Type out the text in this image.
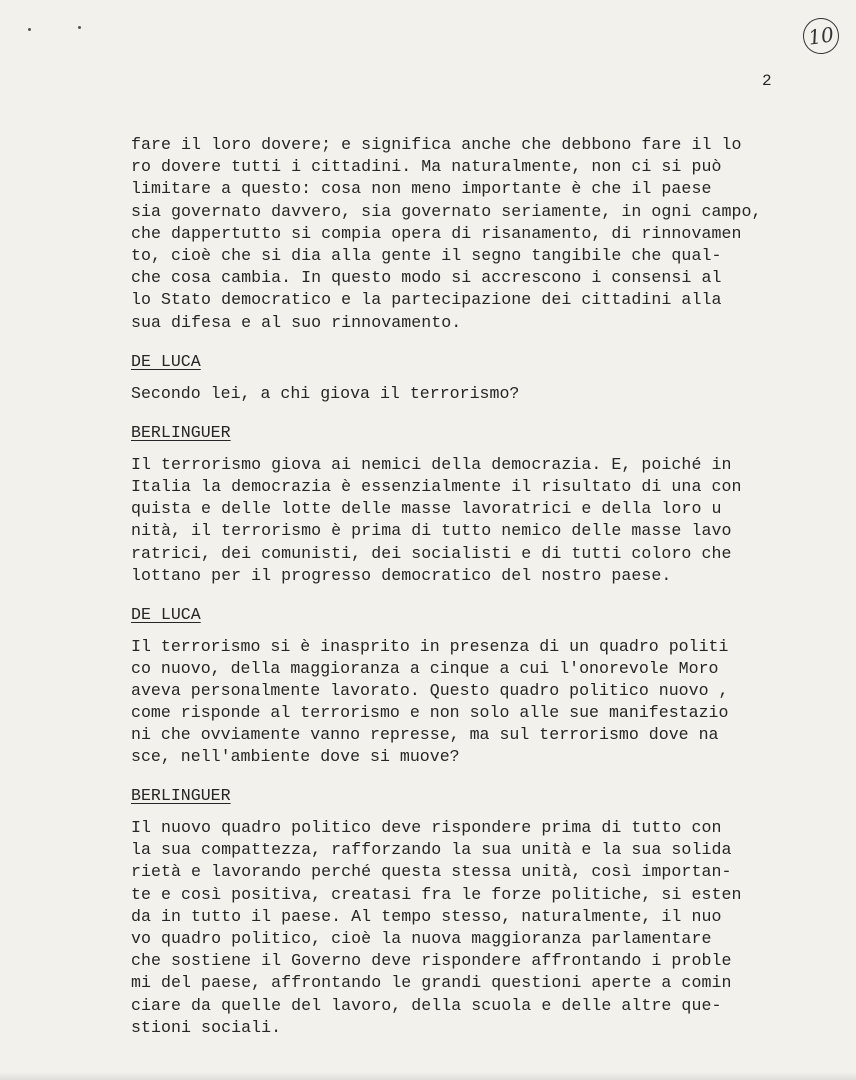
10
2
fare il loro dovere; e significa anche che debbono fare il lo
ro dovere tutti i cittadini. Ma naturalmente, non ci si può
limitare a questo: cosa non meno importante è che il paese
sia governato davvero, sia governato seriamente, in ogni campo,
che dappertutto si compia opera di risanamento, di rinnovamen
to, cioè che si dia alla gente il segno tangibile che qual-
che cosa cambia. In questo modo si accrescono i consensi al
lo Stato democratico e la partecipazione dei cittadini alla
sua difesa e al suo rinnovamento.
DE LUCA
Secondo lei, a chi giova il terrorismo?
BERLINGUER
Il terrorismo giova ai nemici della democrazia. E, poiché in
Italia la democrazia è essenzialmente il risultato di una con
quista e delle lotte delle masse lavoratrici e della loro u
nità, il terrorismo è prima di tutto nemico delle masse lavo
ratrici, dei comunisti, dei socialisti e di tutti coloro che
lottano per il progresso democratico del nostro paese.
DE LUCA
Il terrorismo si è inasprito in presenza di un quadro politi
co nuovo, della maggioranza a cinque a cui l'onorevole Moro
aveva personalmente lavorato. Questo quadro politico nuovo ,
come risponde al terrorismo e non solo alle sue manifestazio
ni che ovviamente vanno represse, ma sul terrorismo dove na
sce, nell'ambiente dove si muove?
BERLINGUER
Il nuovo quadro politico deve rispondere prima di tutto con
la sua compattezza, rafforzando la sua unità e la sua solida
rietà e lavorando perché questa stessa unità, così importan-
te e così positiva, creatasi fra le forze politiche, si esten
da in tutto il paese. Al tempo stesso, naturalmente, il nuo
vo quadro politico, cioè la nuova maggioranza parlamentare
che sostiene il Governo deve rispondere affrontando i proble
mi del paese, affrontando le grandi questioni aperte a comin
ciare da quelle del lavoro, della scuola e delle altre que-
stioni sociali.
